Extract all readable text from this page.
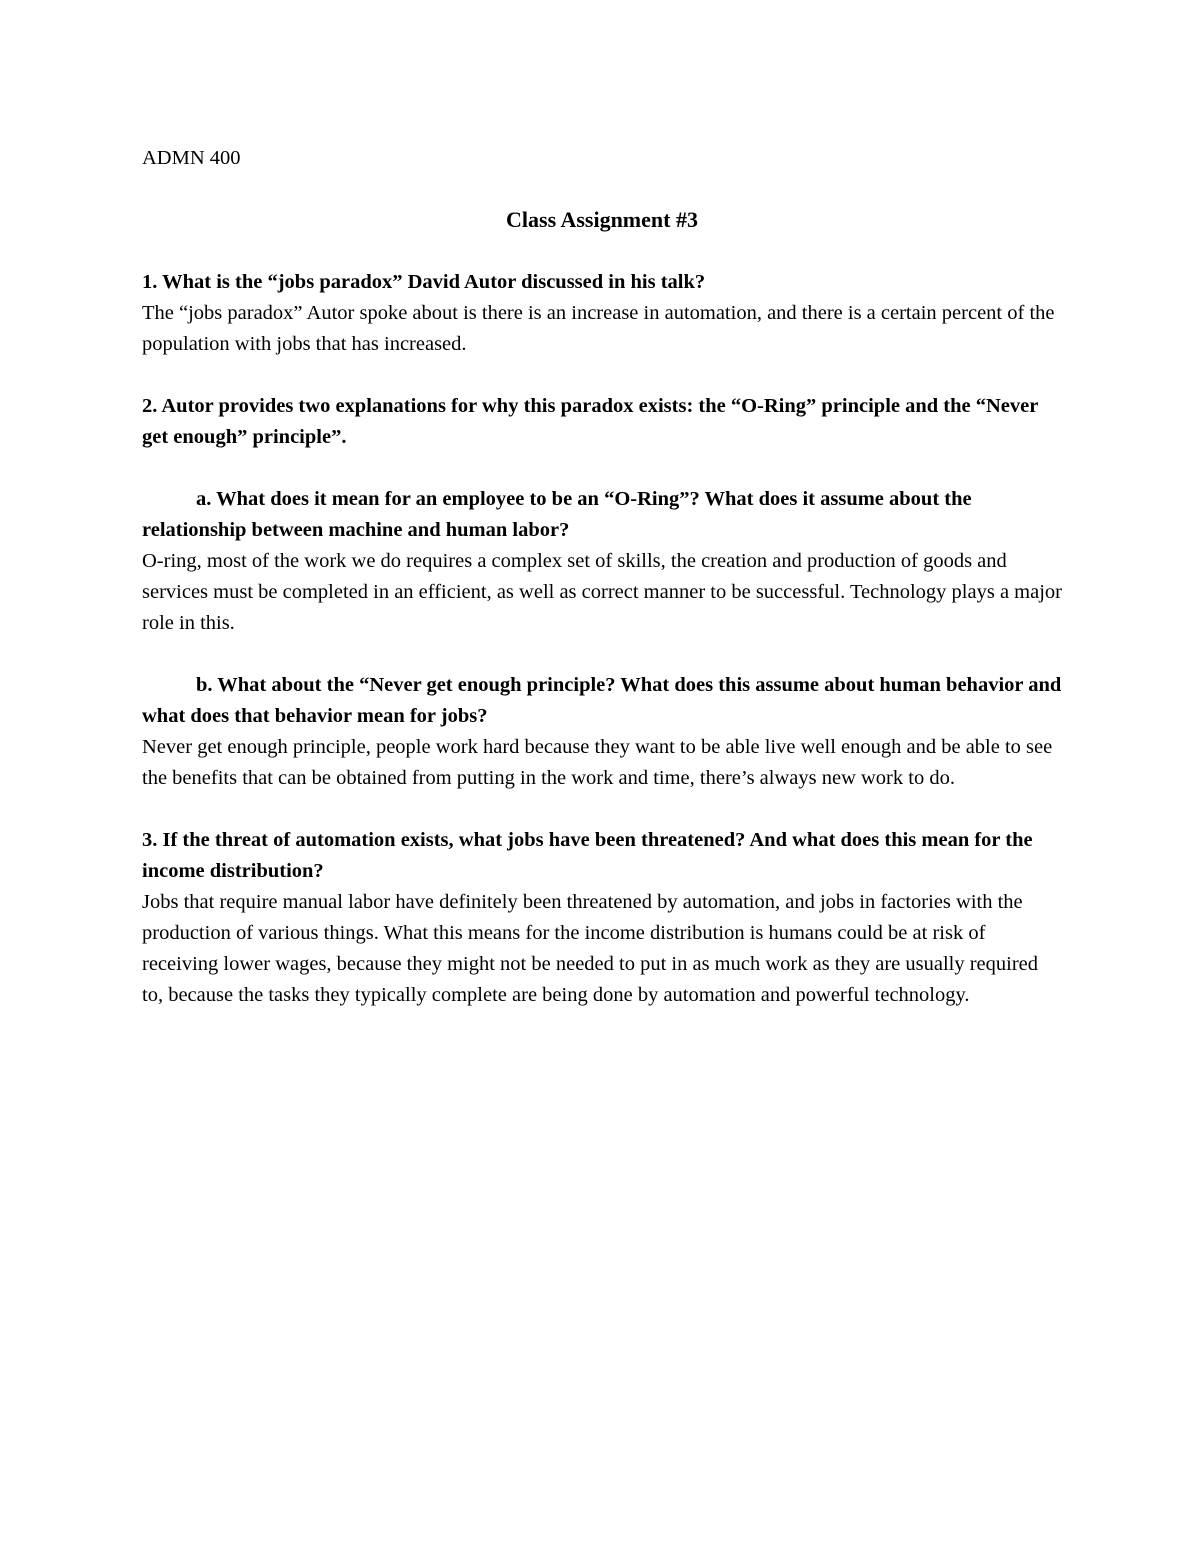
ADMN 400

Class Assignment #3

1. What is the “jobs paradox” David Autor discussed in his talk?

The “jobs paradox” Autor spoke about is there is an increase in automation, and there is a certain percent of the population with jobs that has increased.

2. Autor provides two explanations for why this paradox exists: the “O-Ring” principle and the “Never get enough” principle”.

a. What does it mean for an employee to be an “O-Ring”? What does it assume about the relationship between machine and human labor?

O-ring, most of the work we do requires a complex set of skills, the creation and production of goods and services must be completed in an efficient, as well as correct manner to be successful. Technology plays a major role in this.

b. What about the “Never get enough principle? What does this assume about human behavior and what does that behavior mean for jobs?

Never get enough principle, people work hard because they want to be able live well enough and be able to see the benefits that can be obtained from putting in the work and time, there’s always new work to do.

3. If the threat of automation exists, what jobs have been threatened? And what does this mean for the income distribution?

Jobs that require manual labor have definitely been threatened by automation, and jobs in factories with the production of various things. What this means for the income distribution is humans could be at risk of receiving lower wages, because they might not be needed to put in as much work as they are usually required to, because the tasks they typically complete are being done by automation and powerful technology.
